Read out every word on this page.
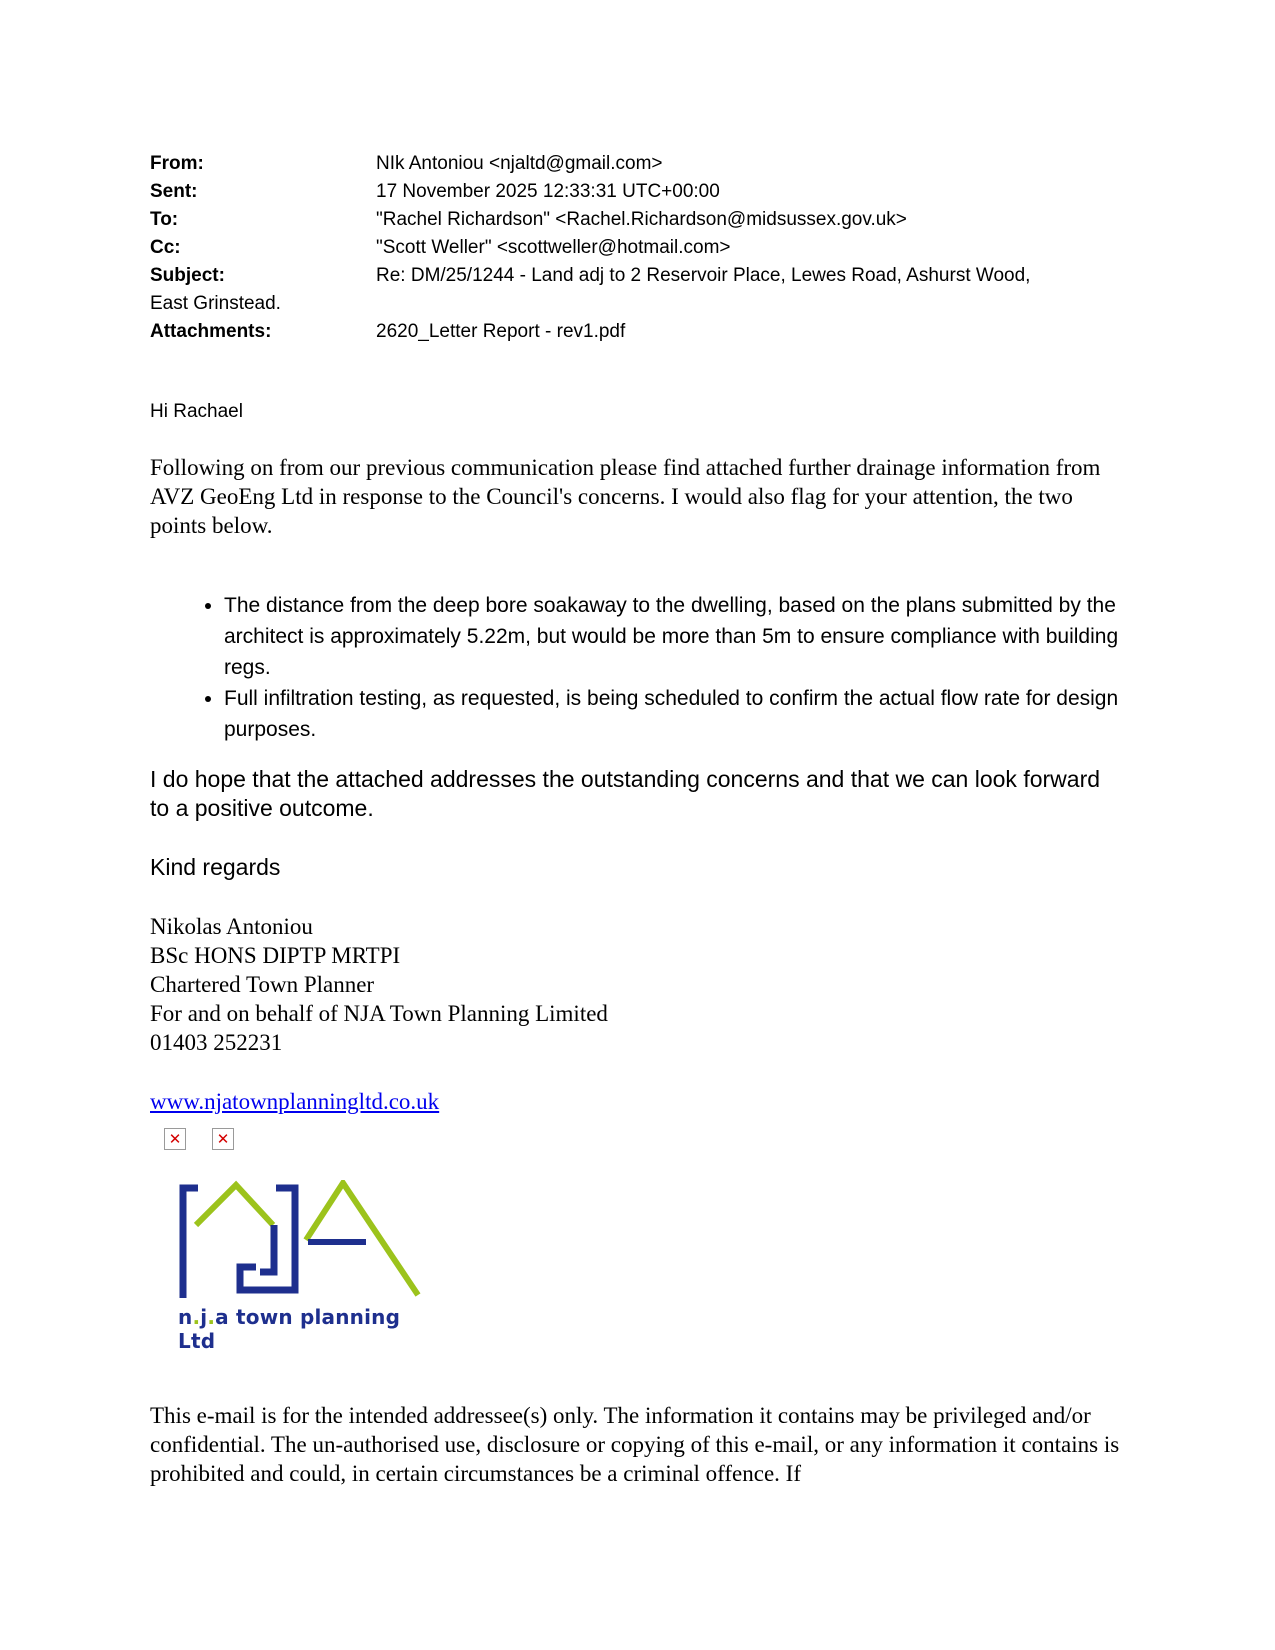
From:	NIk Antoniou <njaltd@gmail.com>
Sent:	17 November 2025 12:33:31 UTC+00:00
To:	"Rachel Richardson" <Rachel.Richardson@midsussex.gov.uk>
Cc:	"Scott Weller" <scottweller@hotmail.com>
Subject:	Re: DM/25/1244 - Land adj to 2 Reservoir Place, Lewes Road, Ashurst Wood,
East Grinstead.
Attachments:	2620_Letter Report - rev1.pdf
Hi Rachael
Following on from our previous communication please find attached further drainage information from AVZ GeoEng Ltd in response to the Council's concerns. I would also flag for your attention, the two points below.
• The distance from the deep bore soakaway to the dwelling, based on the plans submitted by the architect is approximately 5.22m, but would be more than 5m to ensure compliance with building regs.
• Full infiltration testing, as requested, is being scheduled to confirm the actual flow rate for design purposes.
I do hope that the attached addresses the outstanding concerns and that we can look forward to a positive outcome.
Kind regards
Nikolas Antoniou
BSc HONS DIPTP MRTPI
Chartered Town Planner
For and on behalf of NJA Town Planning Limited
01403 252231
www.njatownplanningltd.co.uk
✕	✕
n.j.a town planning Ltd
This e-mail is for the intended addressee(s) only. The information it contains may be privileged and/or confidential. The un-authorised use, disclosure or copying of this e-mail, or any information it contains is prohibited and could, in certain circumstances be a criminal offence. If
